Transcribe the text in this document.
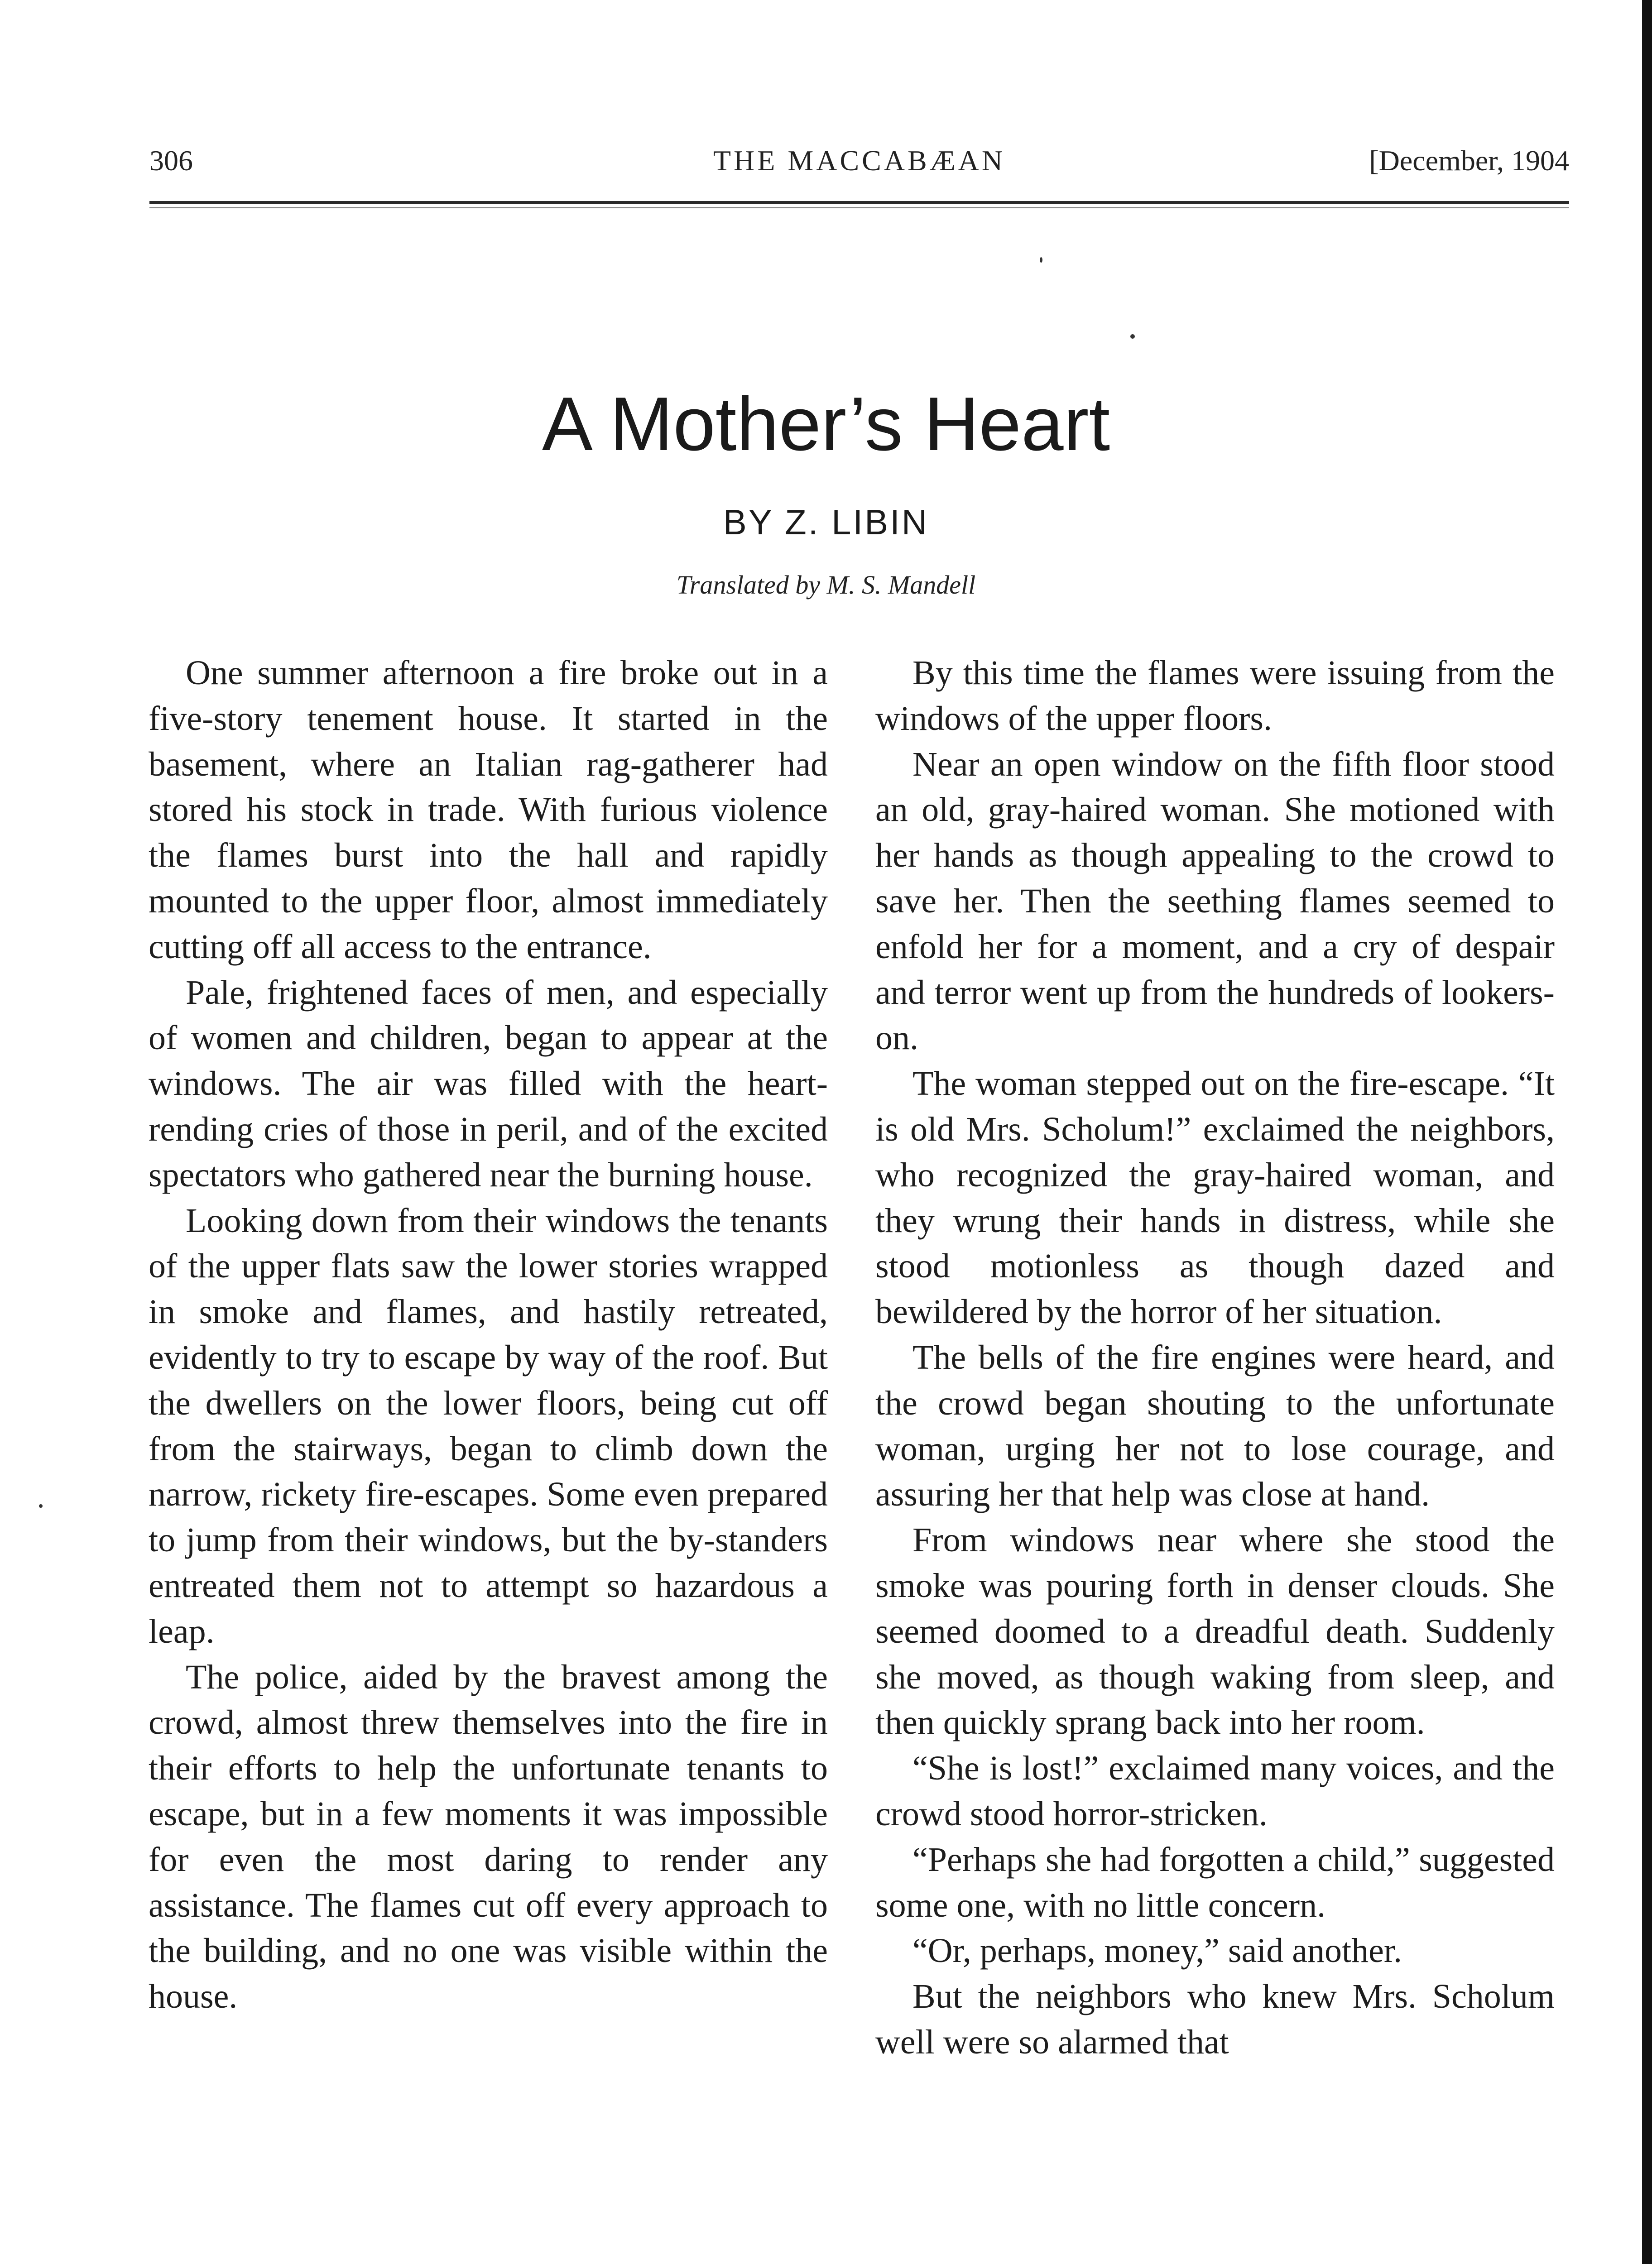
306	THE MACCABÆAN	[December, 1904
A Mother’s Heart
BY Z. LIBIN
Translated by M. S. Mandell

One summer afternoon a fire broke out in a five-story tenement house. It started in the basement, where an Italian rag-gatherer had stored his stock in trade. With furious violence the flames burst into the hall and rapidly mounted to the upper floor, almost immediately cutting off all access to the entrance.

Pale, frightened faces of men, and especially of women and children, began to appear at the windows. The air was filled with the heart-rending cries of those in peril, and of the excited spectators who gathered near the burning house.

Looking down from their windows the tenants of the upper flats saw the lower stories wrapped in smoke and flames, and hastily retreated, evidently to try to escape by way of the roof. But the dwellers on the lower floors, being cut off from the stairways, began to climb down the narrow, rickety fire-escapes. Some even prepared to jump from their windows, but the by-standers entreated them not to attempt so hazardous a leap.

The police, aided by the bravest among the crowd, almost threw themselves into the fire in their efforts to help the unfortunate tenants to escape, but in a few moments it was impossible for even the most daring to render any assistance. The flames cut off every approach to the building, and no one was visible within the house.

By this time the flames were issuing from the windows of the upper floors.

Near an open window on the fifth floor stood an old, gray-haired woman. She motioned with her hands as though appealing to the crowd to save her. Then the seething flames seemed to enfold her for a moment, and a cry of despair and terror went up from the hundreds of lookers-on.

The woman stepped out on the fire-escape. “It is old Mrs. Scholum!” exclaimed the neighbors, who recognized the gray-haired woman, and they wrung their hands in distress, while she stood motionless as though dazed and bewildered by the horror of her situation.

The bells of the fire engines were heard, and the crowd began shouting to the unfortunate woman, urging her not to lose courage, and assuring her that help was close at hand.

From windows near where she stood the smoke was pouring forth in denser clouds. She seemed doomed to a dreadful death. Suddenly she moved, as though waking from sleep, and then quickly sprang back into her room.

“She is lost!” exclaimed many voices, and the crowd stood horror-stricken.

“Perhaps she had forgotten a child,” suggested some one, with no little concern.

“Or, perhaps, money,” said another.

But the neighbors who knew Mrs. Scholum well were so alarmed that
